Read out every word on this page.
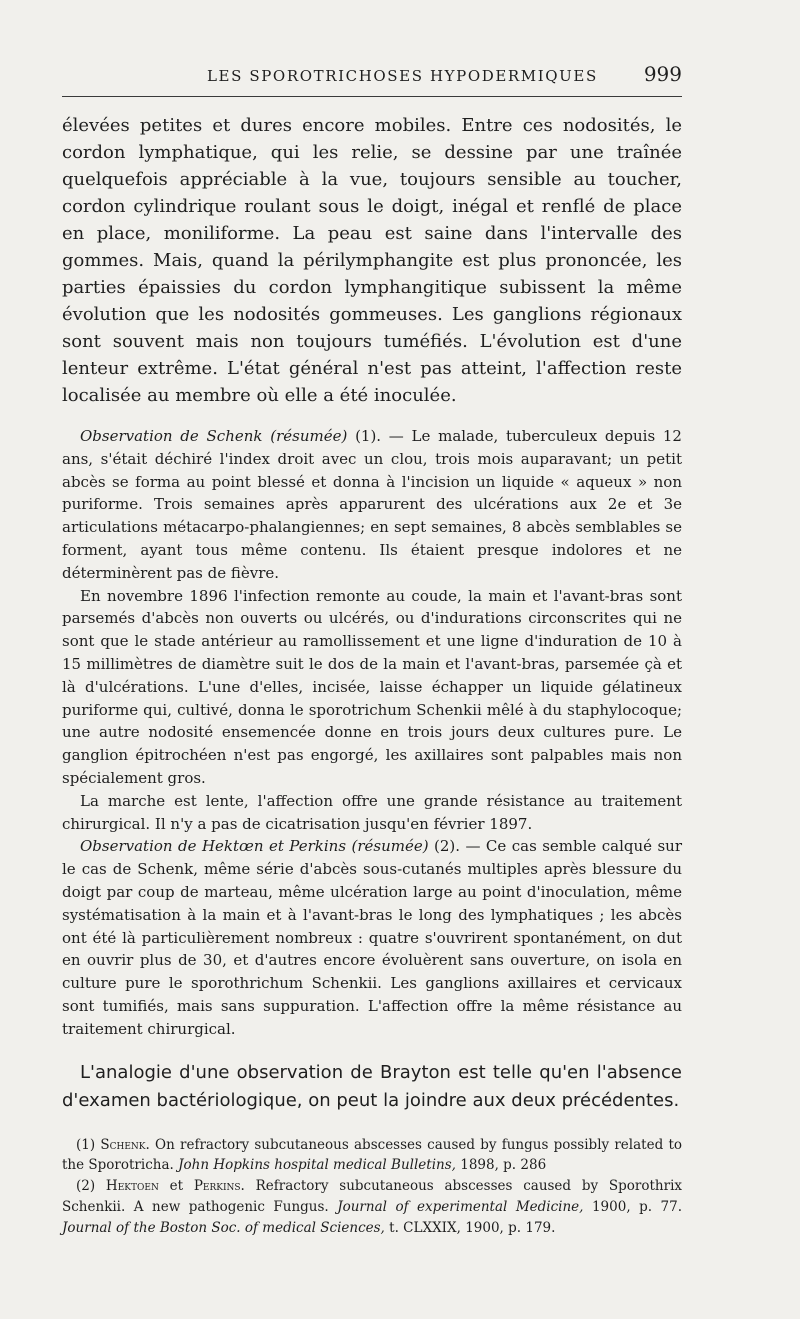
LES SPOROTRICHOSES HYPODERMIQUES 999

élevées petites et dures encore mobiles. Entre ces nodosités, le cordon lymphatique, qui les relie, se dessine par une traînée quelquefois appréciable à la vue, toujours sensible au toucher, cordon cylindrique roulant sous le doigt, inégal et renflé de place en place, moniliforme. La peau est saine dans l'intervalle des gommes. Mais, quand la périlymphangite est plus prononcée, les parties épaissies du cordon lymphangitique subissent la même évolution que les nodosités gommeuses. Les ganglions régionaux sont souvent mais non toujours tuméfiés. L'évolution est d'une lenteur extrême. L'état général n'est pas atteint, l'affection reste localisée au membre où elle a été inoculée.

Observation de Schenk (résumée) (1). — Le malade, tuberculeux depuis 12 ans, s'était déchiré l'index droit avec un clou, trois mois auparavant; un petit abcès se forma au point blessé et donna à l'incision un liquide « aqueux » non puriforme. Trois semaines après apparurent des ulcérations aux 2e et 3e articulations métacarpo-phalangiennes; en sept semaines, 8 abcès semblables se forment, ayant tous même contenu. Ils étaient presque indolores et ne déterminèrent pas de fièvre.

En novembre 1896 l'infection remonte au coude, la main et l'avant-bras sont parsemés d'abcès non ouverts ou ulcérés, ou d'indurations circonscrites qui ne sont que le stade antérieur au ramollissement et une ligne d'induration de 10 à 15 millimètres de diamètre suit le dos de la main et l'avant-bras, parsemée çà et là d'ulcérations. L'une d'elles, incisée, laisse échapper un liquide gélatineux puriforme qui, cultivé, donna le sporotrichum Schenkii mêlé à du staphylocoque; une autre nodosité ensemencée donne en trois jours deux cultures pure. Le ganglion épitrochéen n'est pas engorgé, les axillaires sont palpables mais non spécialement gros.

La marche est lente, l'affection offre une grande résistance au traitement chirurgical. Il n'y a pas de cicatrisation jusqu'en février 1897.

Observation de Hektœn et Perkins (résumée) (2). — Ce cas semble calqué sur le cas de Schenk, même série d'abcès sous-cutanés multiples après blessure du doigt par coup de marteau, même ulcération large au point d'inoculation, même systématisation à la main et à l'avant-bras le long des lymphatiques ; les abcès ont été là particulièrement nombreux : quatre s'ouvrirent spontanément, on dut en ouvrir plus de 30, et d'autres encore évoluèrent sans ouverture, on isola en culture pure le sporothrichum Schenkii. Les ganglions axillaires et cervicaux sont tumifiés, mais sans suppuration. L'affection offre la même résistance au traitement chirurgical.

L'analogie d'une observation de Brayton est telle qu'en l'absence d'examen bactériologique, on peut la joindre aux deux précédentes.

(1) Schenk. On refractory subcutaneous abscesses caused by fungus possibly related to the Sporotricha. John Hopkins hospital medical Bulletins, 1898, p. 286

(2) Hektoen et Perkins. Refractory subcutaneous abscesses caused by Sporothrix Schenkii. A new pathogenic Fungus. Journal of experimental Medicine, 1900, p. 77. Journal of the Boston Soc. of medical Sciences, t. CLXXIX, 1900, p. 179.
